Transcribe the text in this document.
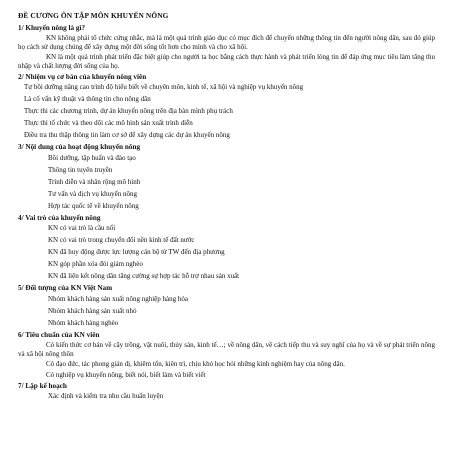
ĐỀ CƯƠNG ÔN TẬP MÔN KHUYẾN NÔNG
1/ Khuyến nông là gì?
KN không phải tổ chức cứng nhắc, mà là một quá trình giáo dục có mục đích để chuyển những thông tin đến người nông dân, sau đó giúp họ cách sử dụng chúng để xây dựng một đời sống tốt hơn cho mình và cho xã hội.
KN là một quá trình phát triển đặc biệt giúp cho người ta học bằng cách thực hành và phát triển lòng tin để đáp ứng mục tiêu làm tăng thu nhập và chất lượng đời sống của họ.
2/ Nhiệm vụ cơ bản của khuyến nông viên
Tự bồi dưỡng nâng cao trình độ hiểu biết về chuyên môn, kinh tế, xã hội và nghiệp vụ khuyến nông
Là cố vấn kỹ thuật và thông tin cho nông dân
Thực thi các chương trình, dự án khuyến nông trên địa bàn mình phụ trách
Thực thi tổ chức và theo dõi các mô hình sản xuất trình diễn
Điều tra thu thập thông tin làm cơ sở để xây dựng các dự án khuyến nông
3/ Nội dung của hoạt động khuyến nông
Bồi dưỡng, tập huấn và đào tạo
Thông tin tuyên truyền
Trình diễn và nhân rộng mô hình
Tư vấn và dịch vụ khuyến nông
Hợp tác quốc tế về khuyến nông
4/ Vai trò của khuyến nông
KN có vai trò là cầu nối
KN có vai trò trong chuyển đổi nền kinh tế đất nước
KN đã huy động được lực lượng cán bộ từ TW đến địa phương
KN góp phần xóa đói giảm nghèo
KN đã liên kết nông dân tăng cường sự hợp tác hỗ trợ nhau sản xuất
5/ Đối tượng của KN Việt Nam
Nhóm khách hàng sản xuất nông nghiệp hàng hóa
Nhóm khách hàng sản xuất nhỏ
Nhóm khách hàng nghèo
6/ Tiêu chuẩn của KN viên
Có kiến thức cơ bản về cây trồng, vật nuôi, thủy sản, kinh tế…; về nông dân, về cách tiếp thu và suy nghĩ của họ và về sự phát triển nông và xã hội nông thôn
Có đạo đức, tác phong giản dị, khiêm tốn, kiên trì, chịu khó học hỏi những kinh nghiệm hay của nông dân.
Có nghiệp vụ khuyến nông, biết nói, biết làm và biết viết
7/ Lập kế hoạch
Xác định và kiểm tra nhu cầu huấn luyện
